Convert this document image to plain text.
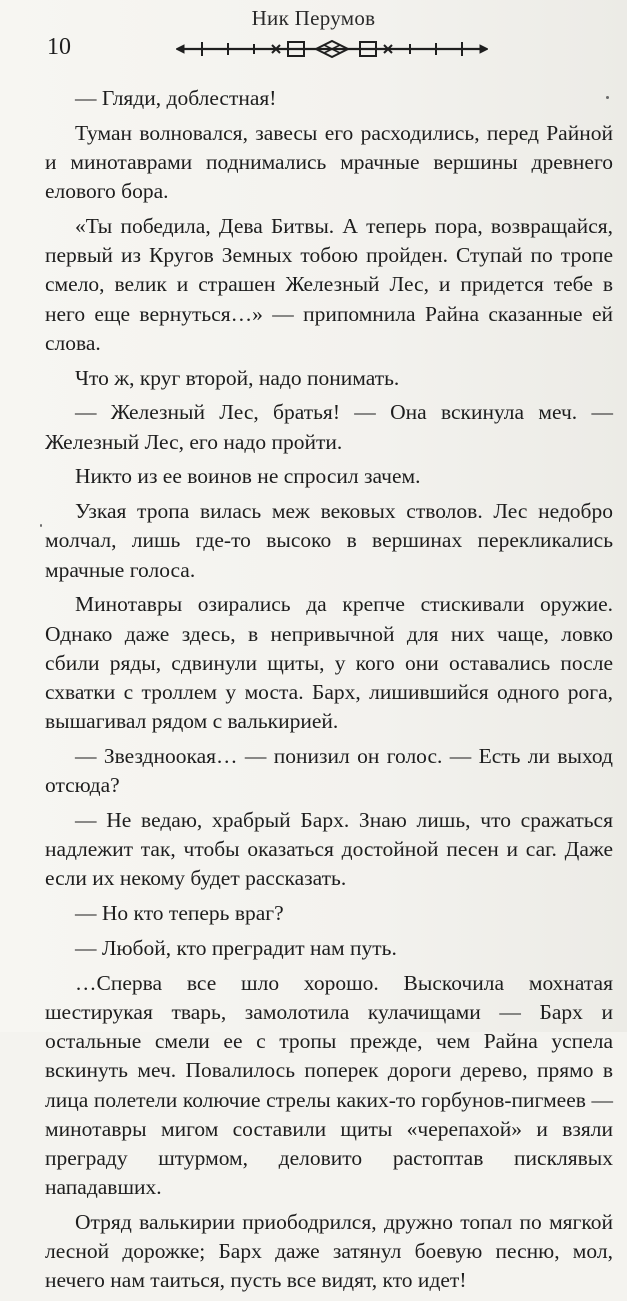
Ник Перумов
10

— Гляди, доблестная!

Туман волновался, завесы его расходились, перед Райной и минотаврами поднимались мрачные вершины древнего елового бора.

«Ты победила, Дева Битвы. А теперь пора, возвращайся, первый из Кругов Земных тобою пройден. Ступай по тропе смело, велик и страшен Железный Лес, и придется тебе в него еще вернуться…» — припомнила Райна сказанные ей слова.

Что ж, круг второй, надо понимать.

— Железный Лес, братья! — Она вскинула меч. — Железный Лес, его надо пройти.

Никто из ее воинов не спросил зачем.

Узкая тропа вилась меж вековых стволов. Лес недобро молчал, лишь где-то высоко в вершинах перекликались мрачные голоса.

Минотавры озирались да крепче стискивали оружие. Однако даже здесь, в непривычной для них чаще, ловко сбили ряды, сдвинули щиты, у кого они оставались после схватки с троллем у моста. Барх, лишившийся одного рога, вышагивал рядом с валькирией.

— Звездноокая… — понизил он голос. — Есть ли выход отсюда?

— Не ведаю, храбрый Барх. Знаю лишь, что сражаться надлежит так, чтобы оказаться достойной песен и саг. Даже если их некому будет рассказать.

— Но кто теперь враг?

— Любой, кто преградит нам путь.

…Сперва все шло хорошо. Выскочила мохнатая шестирукая тварь, замолотила кулачищами — Барх и остальные смели ее с тропы прежде, чем Райна успела вскинуть меч. Повалилось поперек дороги дерево, прямо в лица полетели колючие стрелы каких-то горбунов-пигмеев — минотавры мигом составили щиты «черепахой» и взяли преграду штурмом, деловито растоптав писклявых нападавших.

Отряд валькирии приободрился, дружно топал по мягкой лесной дорожке; Барх даже затянул боевую песню, мол, нечего нам таиться, пусть все видят, кто идет!
